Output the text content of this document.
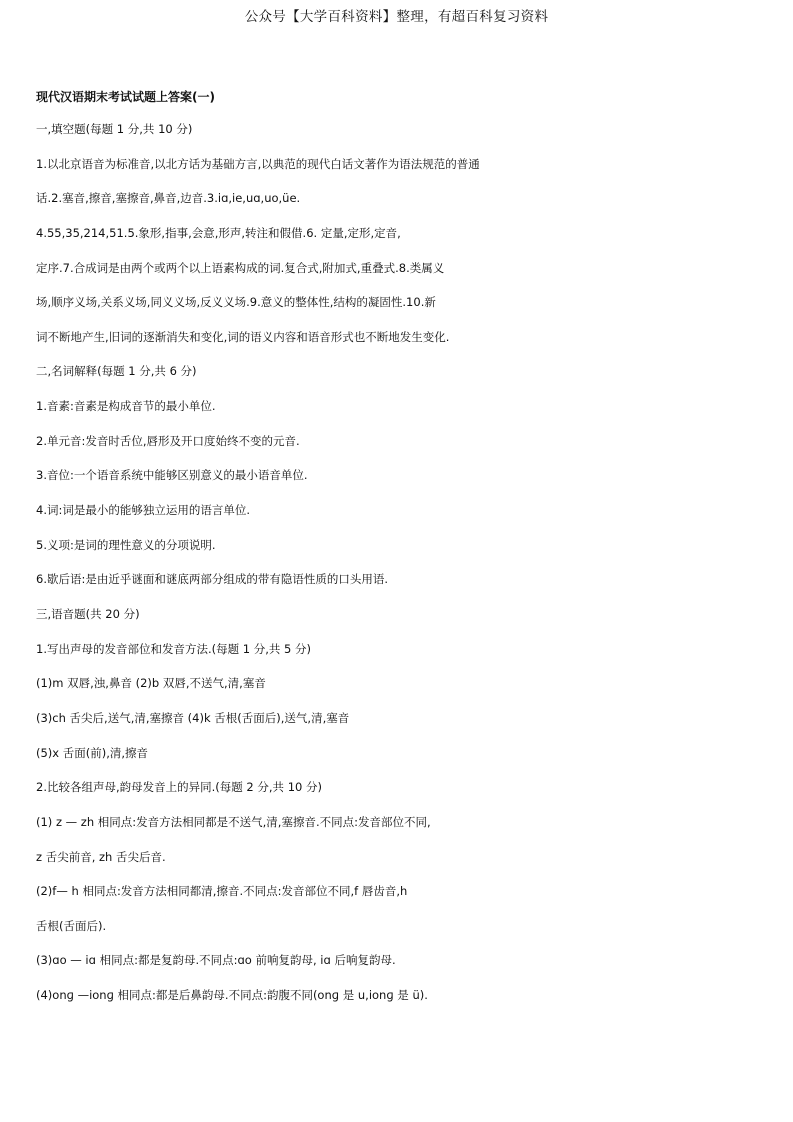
公众号【大学百科资料】整理，有超百科复习资料
现代汉语期末考试试题上答案(一)
一,填空题(每题 1 分,共 10 分)
1.以北京语音为标准音,以北方话为基础方言,以典范的现代白话文著作为语法规范的普通
话.2.塞音,擦音,塞擦音,鼻音,边音.3.iɑ,ie,uɑ,uo,üe.
4.55,35,214,51.5.象形,指事,会意,形声,转注和假借.6. 定量,定形,定音,
定序.7.合成词是由两个或两个以上语素构成的词.复合式,附加式,重叠式.8.类属义
场,顺序义场,关系义场,同义义场,反义义场.9.意义的整体性,结构的凝固性.10.新
词不断地产生,旧词的逐渐消失和变化,词的语义内容和语音形式也不断地发生变化.
二,名词解释(每题 1 分,共 6 分)
1.音素:音素是构成音节的最小单位.
2.单元音:发音时舌位,唇形及开口度始终不变的元音.
3.音位:一个语音系统中能够区别意义的最小语音单位.
4.词:词是最小的能够独立运用的语言单位.
5.义项:是词的理性意义的分项说明.
6.歇后语:是由近乎谜面和谜底两部分组成的带有隐语性质的口头用语.
三,语音题(共 20 分)
1.写出声母的发音部位和发音方法.(每题 1 分,共 5 分)
(1)m 双唇,浊,鼻音 (2)b 双唇,不送气,清,塞音
(3)ch 舌尖后,送气,清,塞擦音 (4)k 舌根(舌面后),送气,清,塞音
(5)x 舌面(前),清,擦音
2.比较各组声母,韵母发音上的异同.(每题 2 分,共 10 分)
(1) z — zh 相同点:发音方法相同都是不送气,清,塞擦音.不同点:发音部位不同,
z 舌尖前音, zh 舌尖后音.
(2)f— h 相同点:发音方法相同都清,擦音.不同点:发音部位不同,f 唇齿音,h
舌根(舌面后).
(3)ɑo — iɑ 相同点:都是复韵母.不同点:ɑo 前响复韵母, iɑ 后响复韵母.
(4)onɡ —ionɡ 相同点:都是后鼻韵母.不同点:韵腹不同(onɡ 是 u,ionɡ 是 ü).
